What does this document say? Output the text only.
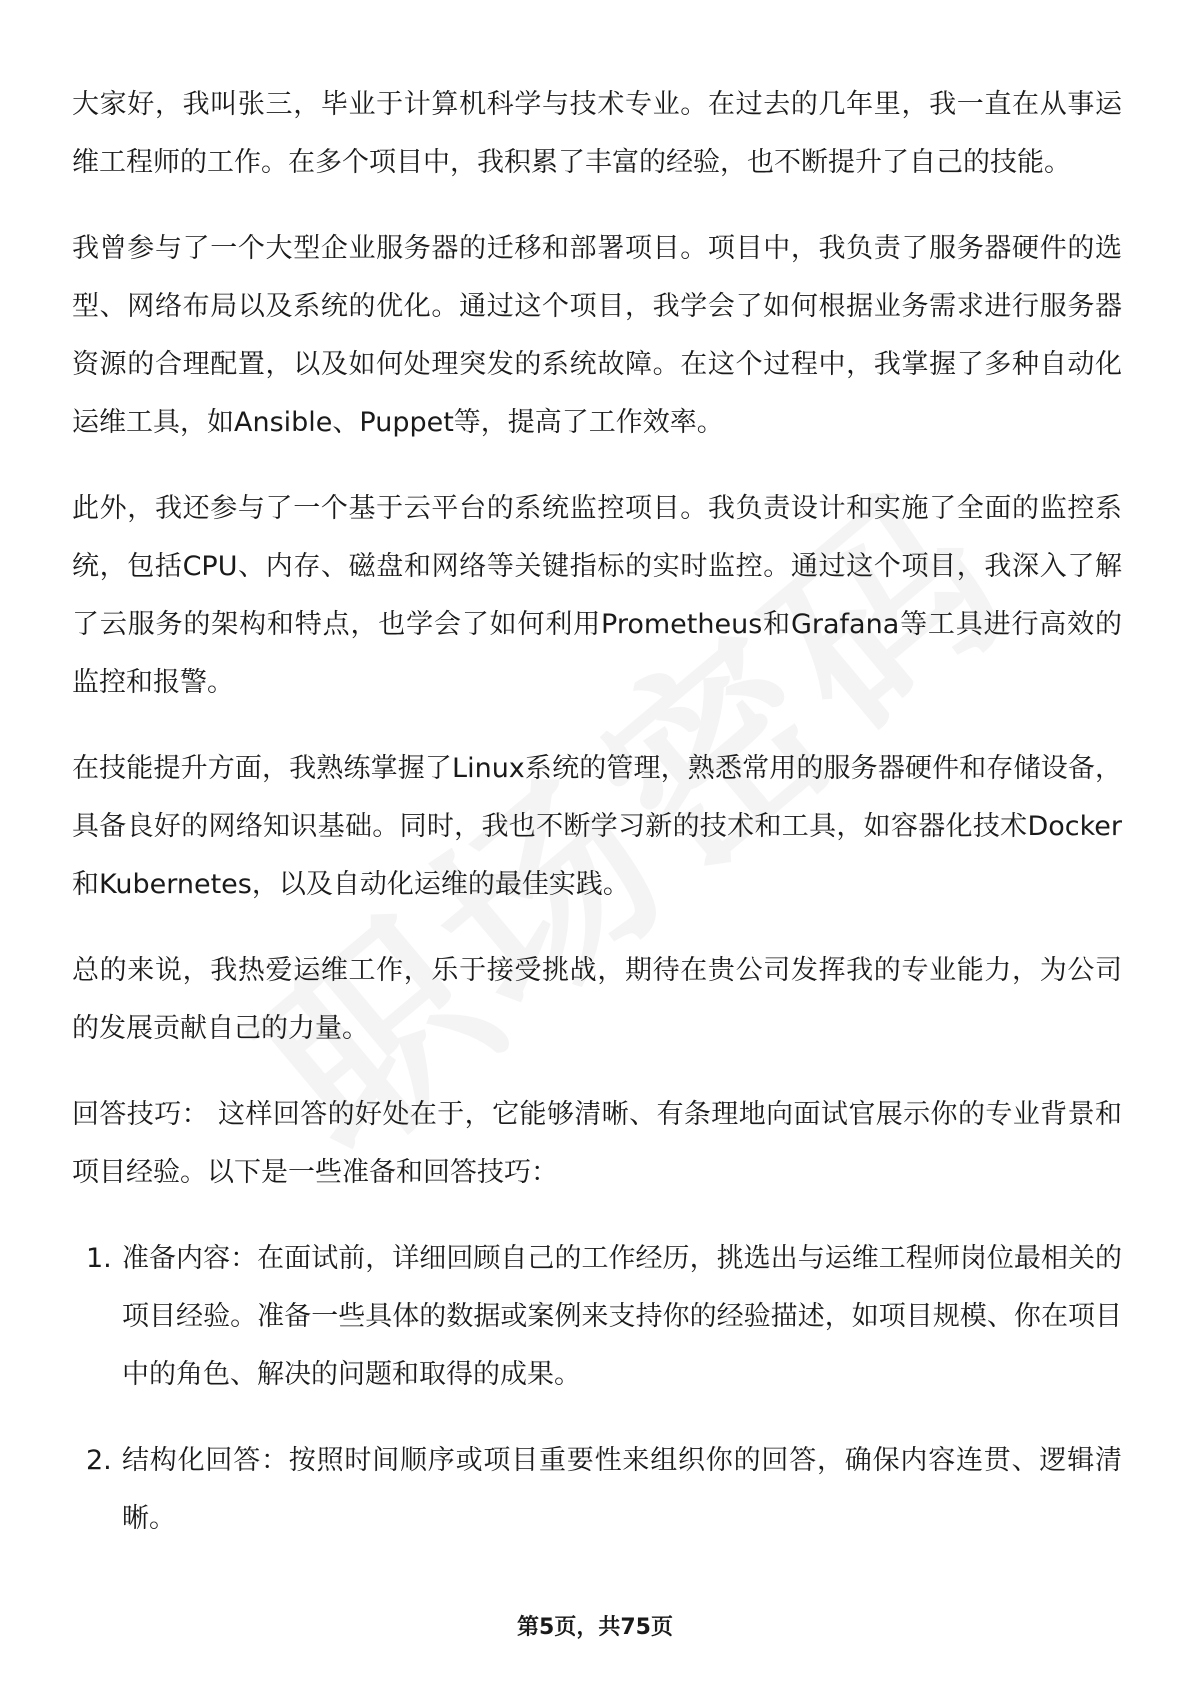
大家好，我叫张三，毕业于计算机科学与技术专业。在过去的几年里，我一直在从事运维工程师的工作。在多个项目中，我积累了丰富的经验，也不断提升了自己的技能。

我曾参与了一个大型企业服务器的迁移和部署项目。项目中，我负责了服务器硬件的选型、网络布局以及系统的优化。通过这个项目，我学会了如何根据业务需求进行服务器资源的合理配置，以及如何处理突发的系统故障。在这个过程中，我掌握了多种自动化运维工具，如Ansible、Puppet等，提高了工作效率。

此外，我还参与了一个基于云平台的系统监控项目。我负责设计和实施了全面的监控系统，包括CPU、内存、磁盘和网络等关键指标的实时监控。通过这个项目，我深入了解了云服务的架构和特点，也学会了如何利用Prometheus和Grafana等工具进行高效的监控和报警。

在技能提升方面，我熟练掌握了Linux系统的管理，熟悉常用的服务器硬件和存储设备，具备良好的网络知识基础。同时，我也不断学习新的技术和工具，如容器化技术Docker和Kubernetes，以及自动化运维的最佳实践。

总的来说，我热爱运维工作，乐于接受挑战，期待在贵公司发挥我的专业能力，为公司的发展贡献自己的力量。

回答技巧： 这样回答的好处在于，它能够清晰、有条理地向面试官展示你的专业背景和项目经验。以下是一些准备和回答技巧：

1. 准备内容：在面试前，详细回顾自己的工作经历，挑选出与运维工程师岗位最相关的项目经验。准备一些具体的数据或案例来支持你的经验描述，如项目规模、你在项目中的角色、解决的问题和取得的成果。
2. 结构化回答：按照时间顺序或项目重要性来组织你的回答，确保内容连贯、逻辑清晰。
第5页，共75页
